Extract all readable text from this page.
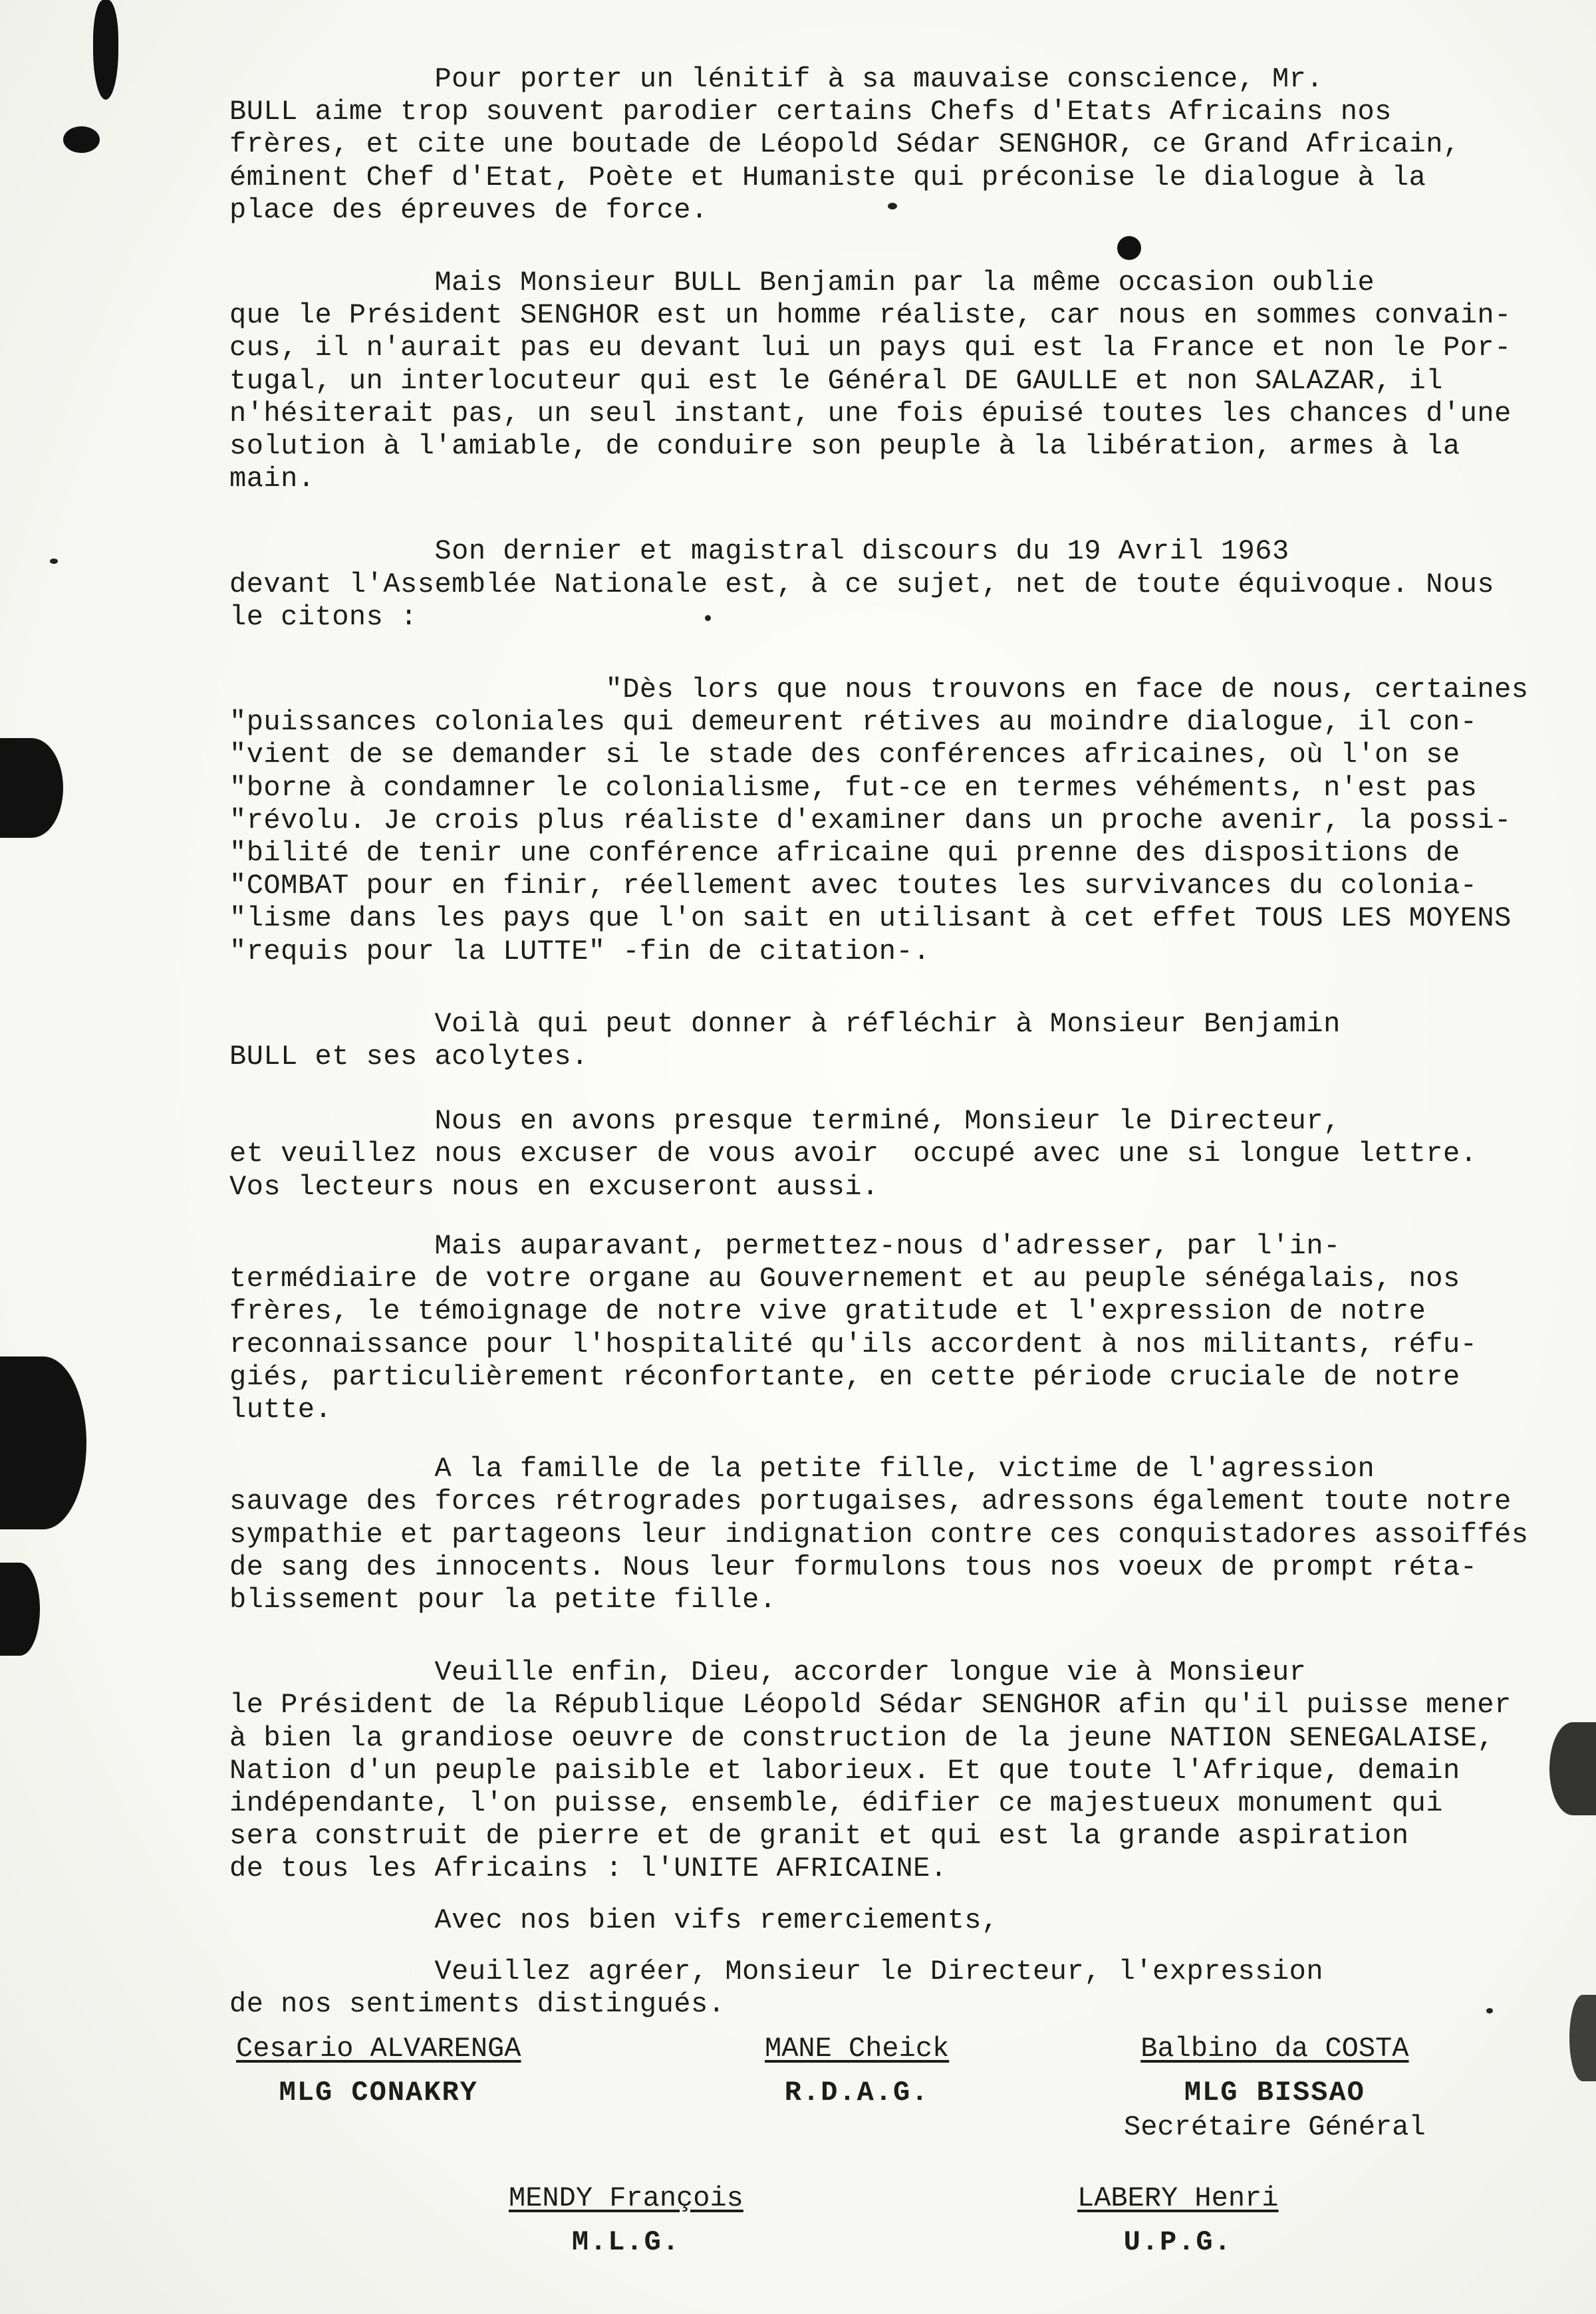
Pour porter un lénitif à sa mauvaise conscience, Mr.
BULL aime trop souvent parodier certains Chefs d'Etats Africains nos
frères, et cite une boutade de Léopold Sédar SENGHOR, ce Grand Africain,
éminent Chef d'Etat, Poète et Humaniste qui préconise le dialogue à la
place des épreuves de force.
Mais Monsieur BULL Benjamin par la même occasion oublie
que le Président SENGHOR est un homme réaliste, car nous en sommes convain-
cus, il n'aurait pas eu devant lui un pays qui est la France et non le Por-
tugal, un interlocuteur qui est le Général DE GAULLE et non SALAZAR, il
n'hésiterait pas, un seul instant, une fois épuisé toutes les chances d'une
solution à l'amiable, de conduire son peuple à la libération, armes à la
main.
Son dernier et magistral discours du 19 Avril 1963
devant l'Assemblée Nationale est, à ce sujet, net de toute équivoque. Nous
le citons :
"Dès lors que nous trouvons en face de nous, certaines
"puissances coloniales qui demeurent rétives au moindre dialogue, il con-
"vient de se demander si le stade des conférences africaines, où l'on se
"borne à condamner le colonialisme, fut-ce en termes véhéments, n'est pas
"révolu. Je crois plus réaliste d'examiner dans un proche avenir, la possi-
"bilité de tenir une conférence africaine qui prenne des dispositions de
"COMBAT pour en finir, réellement avec toutes les survivances du colonia-
"lisme dans les pays que l'on sait en utilisant à cet effet TOUS LES MOYENS
"requis pour la LUTTE" -fin de citation-.
Voilà qui peut donner à réfléchir à Monsieur Benjamin
BULL et ses acolytes.
Nous en avons presque terminé, Monsieur le Directeur,
et veuillez nous excuser de vous avoir  occupé avec une si longue lettre.
Vos lecteurs nous en excuseront aussi.
Mais auparavant, permettez-nous d'adresser, par l'in-
termédiaire de votre organe au Gouvernement et au peuple sénégalais, nos
frères, le témoignage de notre vive gratitude et l'expression de notre
reconnaissance pour l'hospitalité qu'ils accordent à nos militants, réfu-
giés, particulièrement réconfortante, en cette période cruciale de notre
lutte.
A la famille de la petite fille, victime de l'agression
sauvage des forces rétrogrades portugaises, adressons également toute notre
sympathie et partageons leur indignation contre ces conquistadores assoiffés
de sang des innocents. Nous leur formulons tous nos voeux de prompt réta-
blissement pour la petite fille.
Veuille enfin, Dieu, accorder longue vie à Monsieur
le Président de la République Léopold Sédar SENGHOR afin qu'il puisse mener
à bien la grandiose oeuvre de construction de la jeune NATION SENEGALAISE,
Nation d'un peuple paisible et laborieux. Et que toute l'Afrique, demain
indépendante, l'on puisse, ensemble, édifier ce majestueux monument qui
sera construit de pierre et de granit et qui est la grande aspiration
de tous les Africains : l'UNITE AFRICAINE.
Avec nos bien vifs remerciements,
Veuillez agréer, Monsieur le Directeur, l'expression
de nos sentiments distingués.
Cesario ALVARENGA
MLG CONAKRY
MANE Cheick
R.D.A.G.
Balbino da COSTA
MLG BISSAO
Secrétaire Général
MENDY François
M.L.G.
LABERY Henri
U.P.G.
